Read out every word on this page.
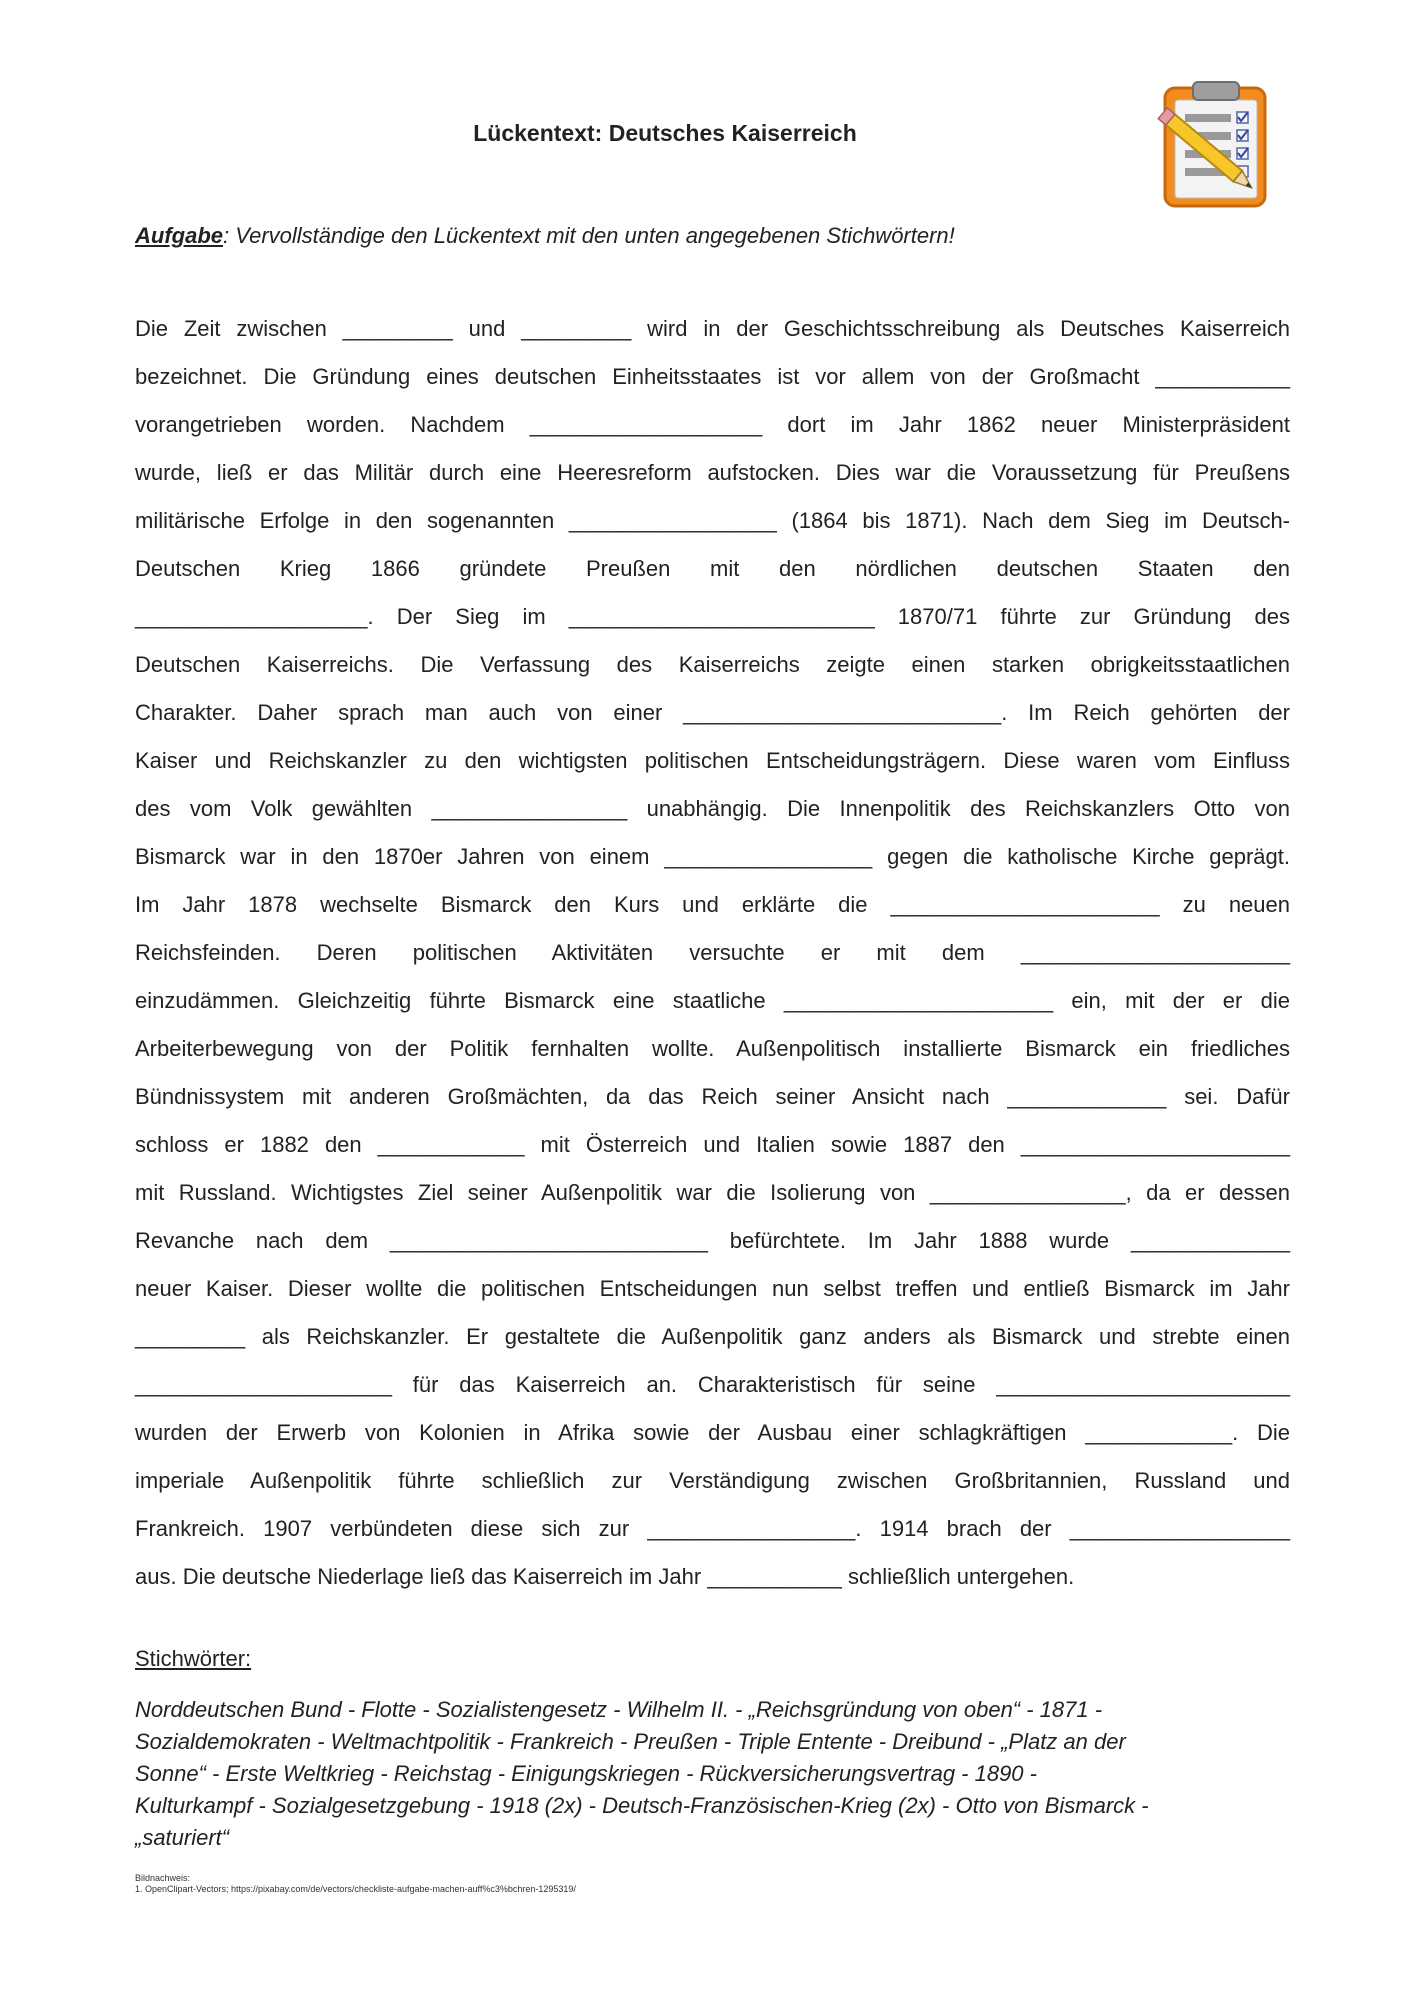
Lückentext: Deutsches Kaiserreich
Aufgabe: Vervollständige den Lückentext mit den unten angegebenen Stichwörtern!
Die Zeit zwischen _________ und _________ wird in der Geschichtsschreibung als Deutsches Kaiserreich
bezeichnet. Die Gründung eines deutschen Einheitsstaates ist vor allem von der Großmacht ___________
vorangetrieben worden. Nachdem ___________________ dort im Jahr 1862 neuer Ministerpräsident
wurde, ließ er das Militär durch eine Heeresreform aufstocken. Dies war die Voraussetzung für Preußens
militärische Erfolge in den sogenannten _________________ (1864 bis 1871). Nach dem Sieg im Deutsch-
Deutschen Krieg 1866 gründete Preußen mit den nördlichen deutschen Staaten den
___________________. Der Sieg im _________________________ 1870/71 führte zur Gründung des
Deutschen Kaiserreichs. Die Verfassung des Kaiserreichs zeigte einen starken obrigkeitsstaatlichen
Charakter. Daher sprach man auch von einer __________________________. Im Reich gehörten der
Kaiser und Reichskanzler zu den wichtigsten politischen Entscheidungsträgern. Diese waren vom Einfluss
des vom Volk gewählten ________________ unabhängig. Die Innenpolitik des Reichskanzlers Otto von
Bismarck war in den 1870er Jahren von einem _________________ gegen die katholische Kirche geprägt.
Im Jahr 1878 wechselte Bismarck den Kurs und erklärte die ______________________ zu neuen
Reichsfeinden. Deren politischen Aktivitäten versuchte er mit dem ______________________
einzudämmen. Gleichzeitig führte Bismarck eine staatliche ______________________ ein, mit der er die
Arbeiterbewegung von der Politik fernhalten wollte. Außenpolitisch installierte Bismarck ein friedliches
Bündnissystem mit anderen Großmächten, da das Reich seiner Ansicht nach _____________ sei. Dafür
schloss er 1882 den ____________ mit Österreich und Italien sowie 1887 den ______________________
mit Russland. Wichtigstes Ziel seiner Außenpolitik war die Isolierung von ________________, da er dessen
Revanche nach dem __________________________ befürchtete. Im Jahr 1888 wurde _____________
neuer Kaiser. Dieser wollte die politischen Entscheidungen nun selbst treffen und entließ Bismarck im Jahr
_________ als Reichskanzler. Er gestaltete die Außenpolitik ganz anders als Bismarck und strebte einen
_____________________ für das Kaiserreich an. Charakteristisch für seine ________________________
wurden der Erwerb von Kolonien in Afrika sowie der Ausbau einer schlagkräftigen ____________. Die
imperiale Außenpolitik führte schließlich zur Verständigung zwischen Großbritannien, Russland und
Frankreich. 1907 verbündeten diese sich zur _________________. 1914 brach der __________________
aus. Die deutsche Niederlage ließ das Kaiserreich im Jahr ___________ schließlich untergehen.
Stichwörter:
Norddeutschen Bund - Flotte - Sozialistengesetz - Wilhelm II. - „Reichsgründung von oben“ - 1871 -
Sozialdemokraten - Weltmachtpolitik - Frankreich - Preußen - Triple Entente - Dreibund - „Platz an der
Sonne“ - Erste Weltkrieg - Reichstag - Einigungskriegen - Rückversicherungsvertrag - 1890 -
Kulturkampf - Sozialgesetzgebung - 1918 (2x) - Deutsch-Französischen-Krieg (2x) - Otto von Bismarck -
„saturiert“
Bildnachweis:
1. OpenClipart-Vectors; https://pixabay.com/de/vectors/checkliste-aufgabe-machen-auff%c3%bchren-1295319/
